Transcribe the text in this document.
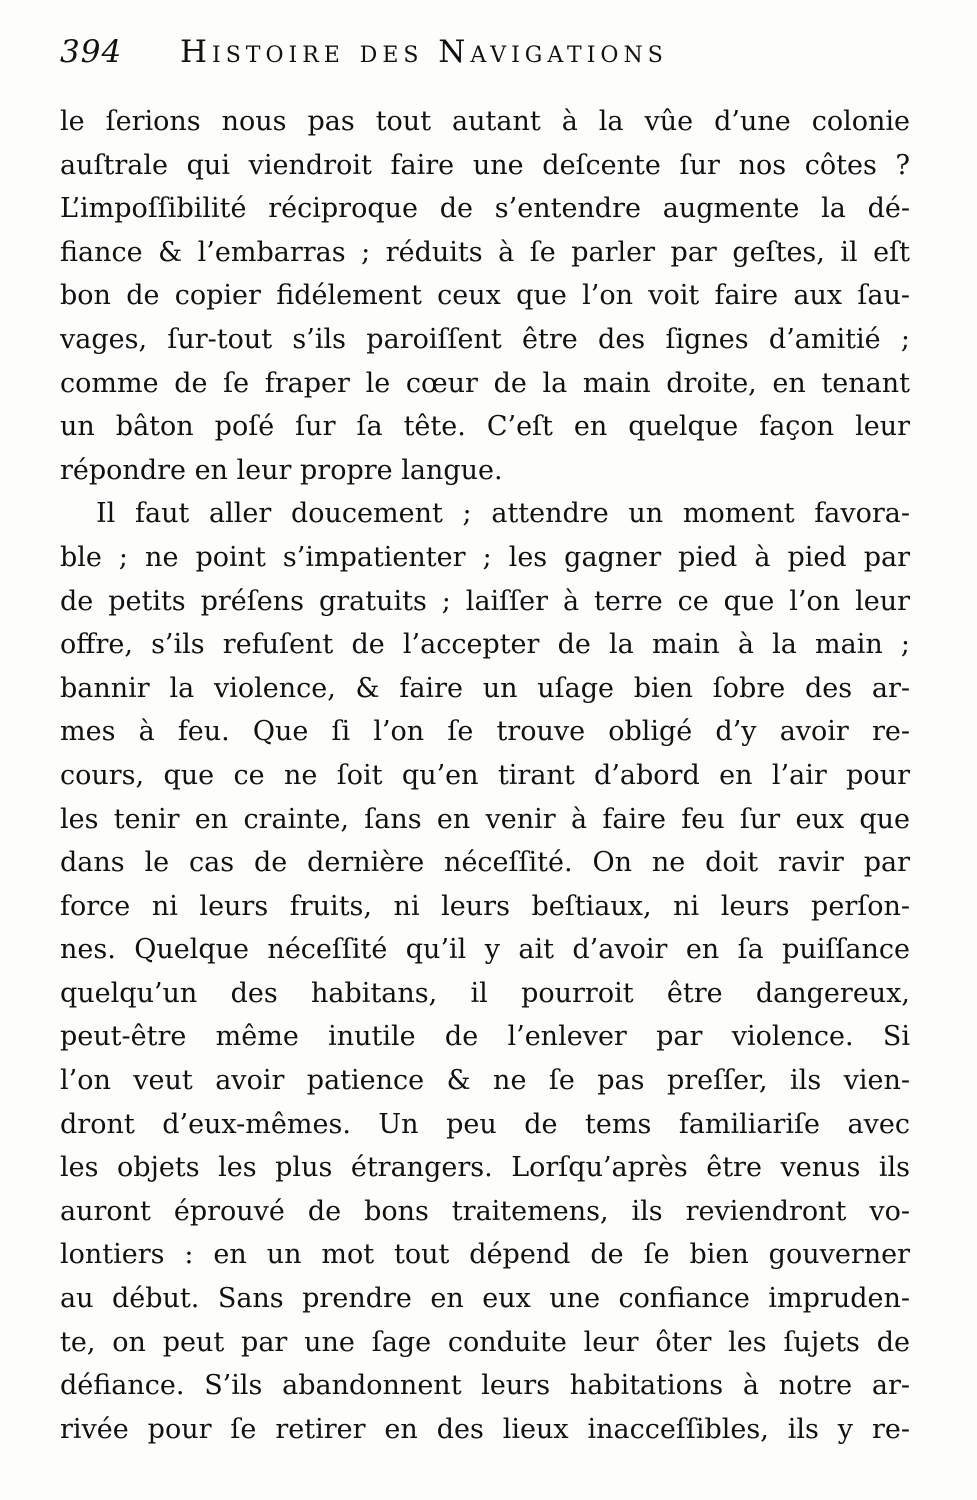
394 Histoire des Navigations
le ſerions nous pas tout autant à la vûe d’une colonie
auſtrale qui viendroit faire une deſcente ſur nos côtes ?
L’impoſſibilité réciproque de s’entendre augmente la dé-
fiance & l’embarras ; réduits à ſe parler par geſtes, il eſt
bon de copier fidélement ceux que l’on voit faire aux ſau-
vages, ſur-tout s’ils paroiſſent être des ſignes d’amitié ;
comme de ſe fraper le cœur de la main droite, en tenant
un bâton poſé ſur ſa tête. C’eſt en quelque façon leur
répondre en leur propre langue.
Il faut aller doucement ; attendre un moment favora-
ble ; ne point s’impatienter ; les gagner pied à pied par
de petits préſens gratuits ; laiſſer à terre ce que l’on leur
offre, s’ils refuſent de l’accepter de la main à la main ;
bannir la violence, & faire un uſage bien ſobre des ar-
mes à feu. Que ſi l’on ſe trouve obligé d’y avoir re-
cours, que ce ne ſoit qu’en tirant d’abord en l’air pour
les tenir en crainte, ſans en venir à faire feu ſur eux que
dans le cas de dernière néceſſité. On ne doit ravir par
force ni leurs fruits, ni leurs beſtiaux, ni leurs perſon-
nes. Quelque néceſſité qu’il y ait d’avoir en ſa puiſſance
quelqu’un des habitans, il pourroit être dangereux,
peut-être même inutile de l’enlever par violence. Si
l’on veut avoir patience & ne ſe pas preſſer, ils vien-
dront d’eux-mêmes. Un peu de tems familiariſe avec
les objets les plus étrangers. Lorſqu’après être venus ils
auront éprouvé de bons traitemens, ils reviendront vo-
lontiers : en un mot tout dépend de ſe bien gouverner
au début. Sans prendre en eux une confiance impruden-
te, on peut par une ſage conduite leur ôter les ſujets de
défiance. S’ils abandonnent leurs habitations à notre ar-
rivée pour ſe retirer en des lieux inacceſſibles, ils y re-
